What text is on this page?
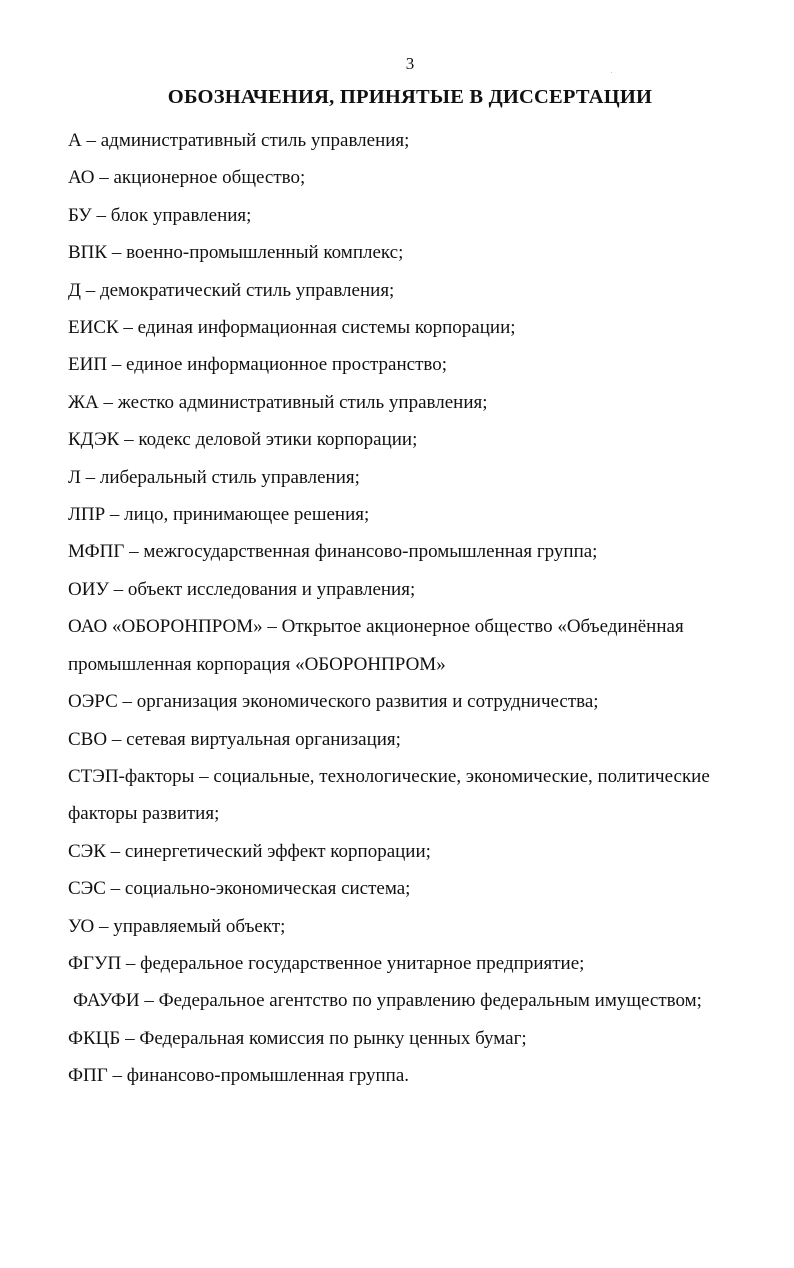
3
ОБОЗНАЧЕНИЯ, ПРИНЯТЫЕ В ДИССЕРТАЦИИ
А – административный стиль управления;
АО – акционерное общество;
БУ – блок управления;
ВПК – военно-промышленный комплекс;
Д – демократический стиль управления;
ЕИСК – единая информационная системы корпорации;
ЕИП – единое информационное пространство;
ЖА – жестко административный стиль управления;
КДЭК – кодекс деловой этики корпорации;
Л – либеральный стиль управления;
ЛПР – лицо, принимающее решения;
МФПГ – межгосударственная финансово-промышленная группа;
ОИУ – объект исследования и управления;
ОАО «ОБОРОНПРОМ» – Открытое акционерное общество «Объединённая
промышленная корпорация «ОБОРОНПРОМ»
ОЭРС – организация экономического развития и сотрудничества;
СВО – сетевая виртуальная организация;
СТЭП-факторы – социальные, технологические, экономические, политические
факторы развития;
СЭК – синергетический эффект корпорации;
СЭС – социально-экономическая система;
УО – управляемый объект;
ФГУП – федеральное государственное унитарное предприятие;
ФАУФИ – Федеральное агентство по управлению федеральным имуществом;
ФКЦБ – Федеральная комиссия по рынку ценных бумаг;
ФПГ – финансово-промышленная группа.
